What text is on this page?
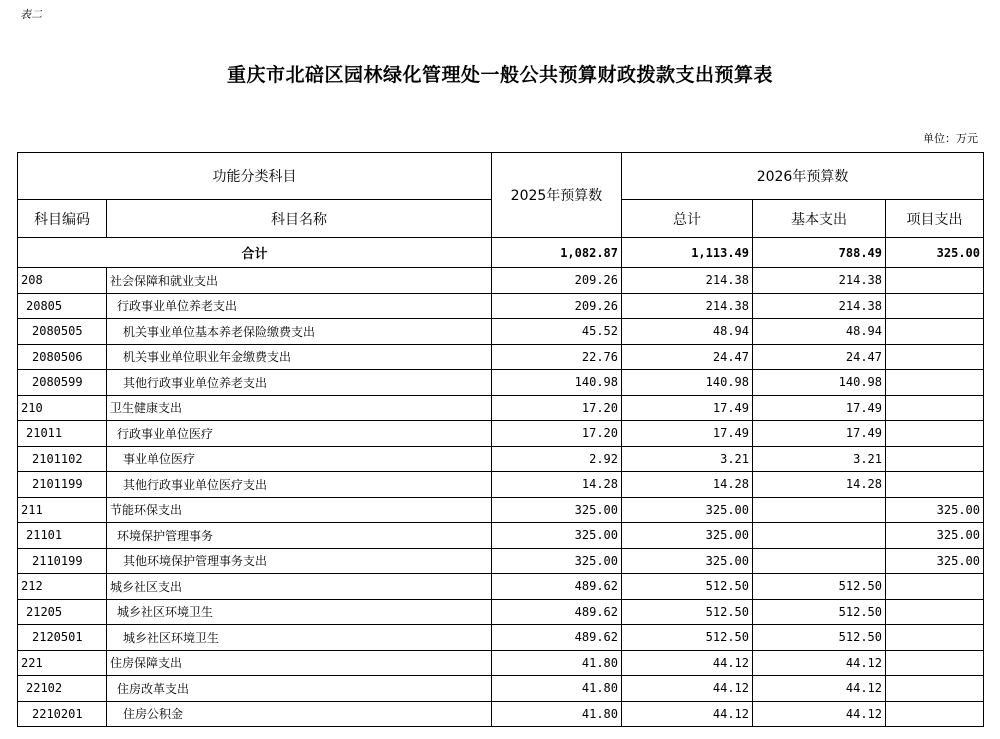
表二
重庆市北碚区园林绿化管理处一般公共预算财政拨款支出预算表
单位：万元
功能分类科目		2025年预算数	2026年预算数		
科目编码	科目名称		总计	基本支出	项目支出
合计		1,082.87	1,113.49	788.49	325.00
208	社会保障和就业支出	209.26	214.38	214.38	
20805	行政事业单位养老支出	209.26	214.38	214.38	
2080505	机关事业单位基本养老保险缴费支出	45.52	48.94	48.94	
2080506	机关事业单位职业年金缴费支出	22.76	24.47	24.47	
2080599	其他行政事业单位养老支出	140.98	140.98	140.98	
210	卫生健康支出	17.20	17.49	17.49	
21011	行政事业单位医疗	17.20	17.49	17.49	
2101102	事业单位医疗	2.92	3.21	3.21	
2101199	其他行政事业单位医疗支出	14.28	14.28	14.28	
211	节能环保支出	325.00	325.00		325.00
21101	环境保护管理事务	325.00	325.00		325.00
2110199	其他环境保护管理事务支出	325.00	325.00		325.00
212	城乡社区支出	489.62	512.50	512.50	
21205	城乡社区环境卫生	489.62	512.50	512.50	
2120501	城乡社区环境卫生	489.62	512.50	512.50	
221	住房保障支出	41.80	44.12	44.12	
22102	住房改革支出	41.80	44.12	44.12	
2210201	住房公积金	41.80	44.12	44.12	
